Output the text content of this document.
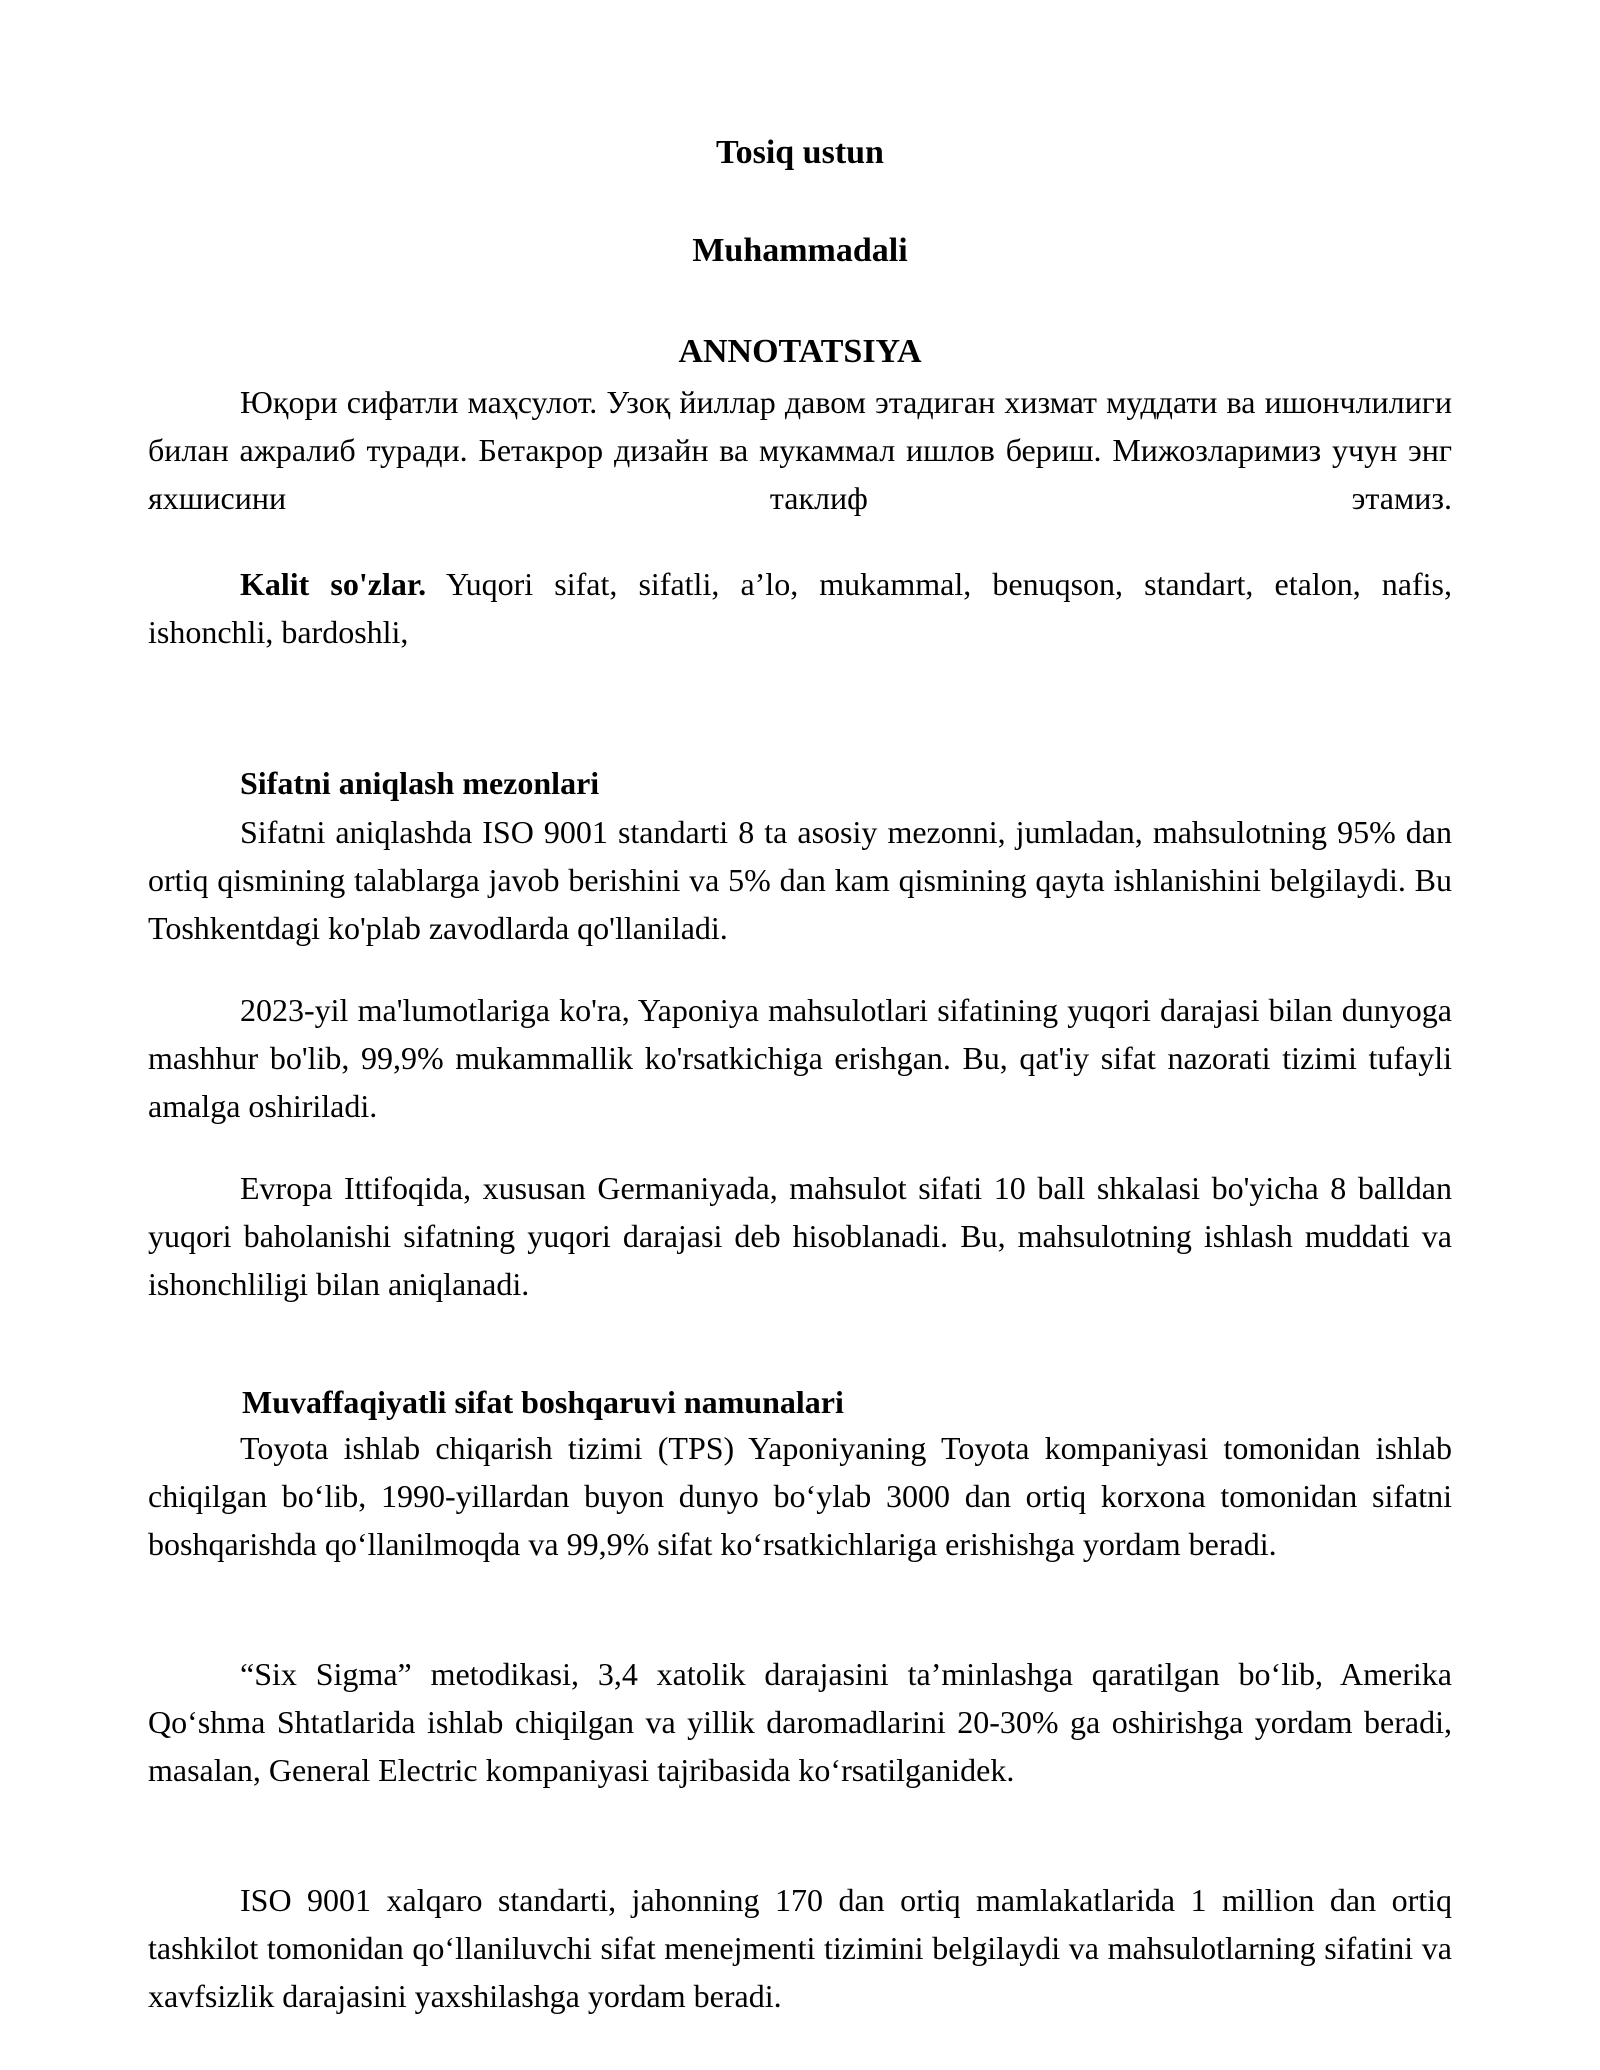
Tosiq ustun
Muhammadali
ANNOTATSIYA

Юқори сифатли маҳсулот. Узоқ йиллар давом этадиган хизмат муддати ва ишончлилиги билан ажралиб туради. Бетакрор дизайн ва мукаммал ишлов бериш. Мижозларимиз учун энг яхшисини таклиф этамиз.

Kalit so'zlar. Yuqori sifat, sifatli, a’lo, mukammal, benuqson, standart, etalon, nafis, ishonchli, bardoshli,

Sifatni aniqlash mezonlari

Sifatni aniqlashda ISO 9001 standarti 8 ta asosiy mezonni, jumladan, mahsulotning 95% dan ortiq qismining talablarga javob berishini va 5% dan kam qismining qayta ishlanishini belgilaydi. Bu Toshkentdagi ko'plab zavodlarda qo'llaniladi.

2023-yil ma'lumotlariga ko'ra, Yaponiya mahsulotlari sifatining yuqori darajasi bilan dunyoga mashhur bo'lib, 99,9% mukammallik ko'rsatkichiga erishgan. Bu, qat'iy sifat nazorati tizimi tufayli amalga oshiriladi.

Evropa Ittifoqida, xususan Germaniyada, mahsulot sifati 10 ball shkalasi bo'yicha 8 balldan yuqori baholanishi sifatning yuqori darajasi deb hisoblanadi. Bu, mahsulotning ishlash muddati va ishonchliligi bilan aniqlanadi.

Muvaffaqiyatli sifat boshqaruvi namunalari

Toyota ishlab chiqarish tizimi (TPS) Yaponiyaning Toyota kompaniyasi tomonidan ishlab chiqilgan bo‘lib, 1990-yillardan buyon dunyo bo‘ylab 3000 dan ortiq korxona tomonidan sifatni boshqarishda qo‘llanilmoqda va 99,9% sifat ko‘rsatkichlariga erishishga yordam beradi.

“Six Sigma” metodikasi, 3,4 xatolik darajasini ta’minlashga qaratilgan bo‘lib, Amerika Qo‘shma Shtatlarida ishlab chiqilgan va yillik daromadlarini 20-30% ga oshirishga yordam beradi, masalan, General Electric kompaniyasi tajribasida ko‘rsatilganidek.

ISO 9001 xalqaro standarti, jahonning 170 dan ortiq mamlakatlarida 1 million dan ortiq tashkilot tomonidan qo‘llaniluvchi sifat menejmenti tizimini belgilaydi va mahsulotlarning sifatini va xavfsizlik darajasini yaxshilashga yordam beradi.
